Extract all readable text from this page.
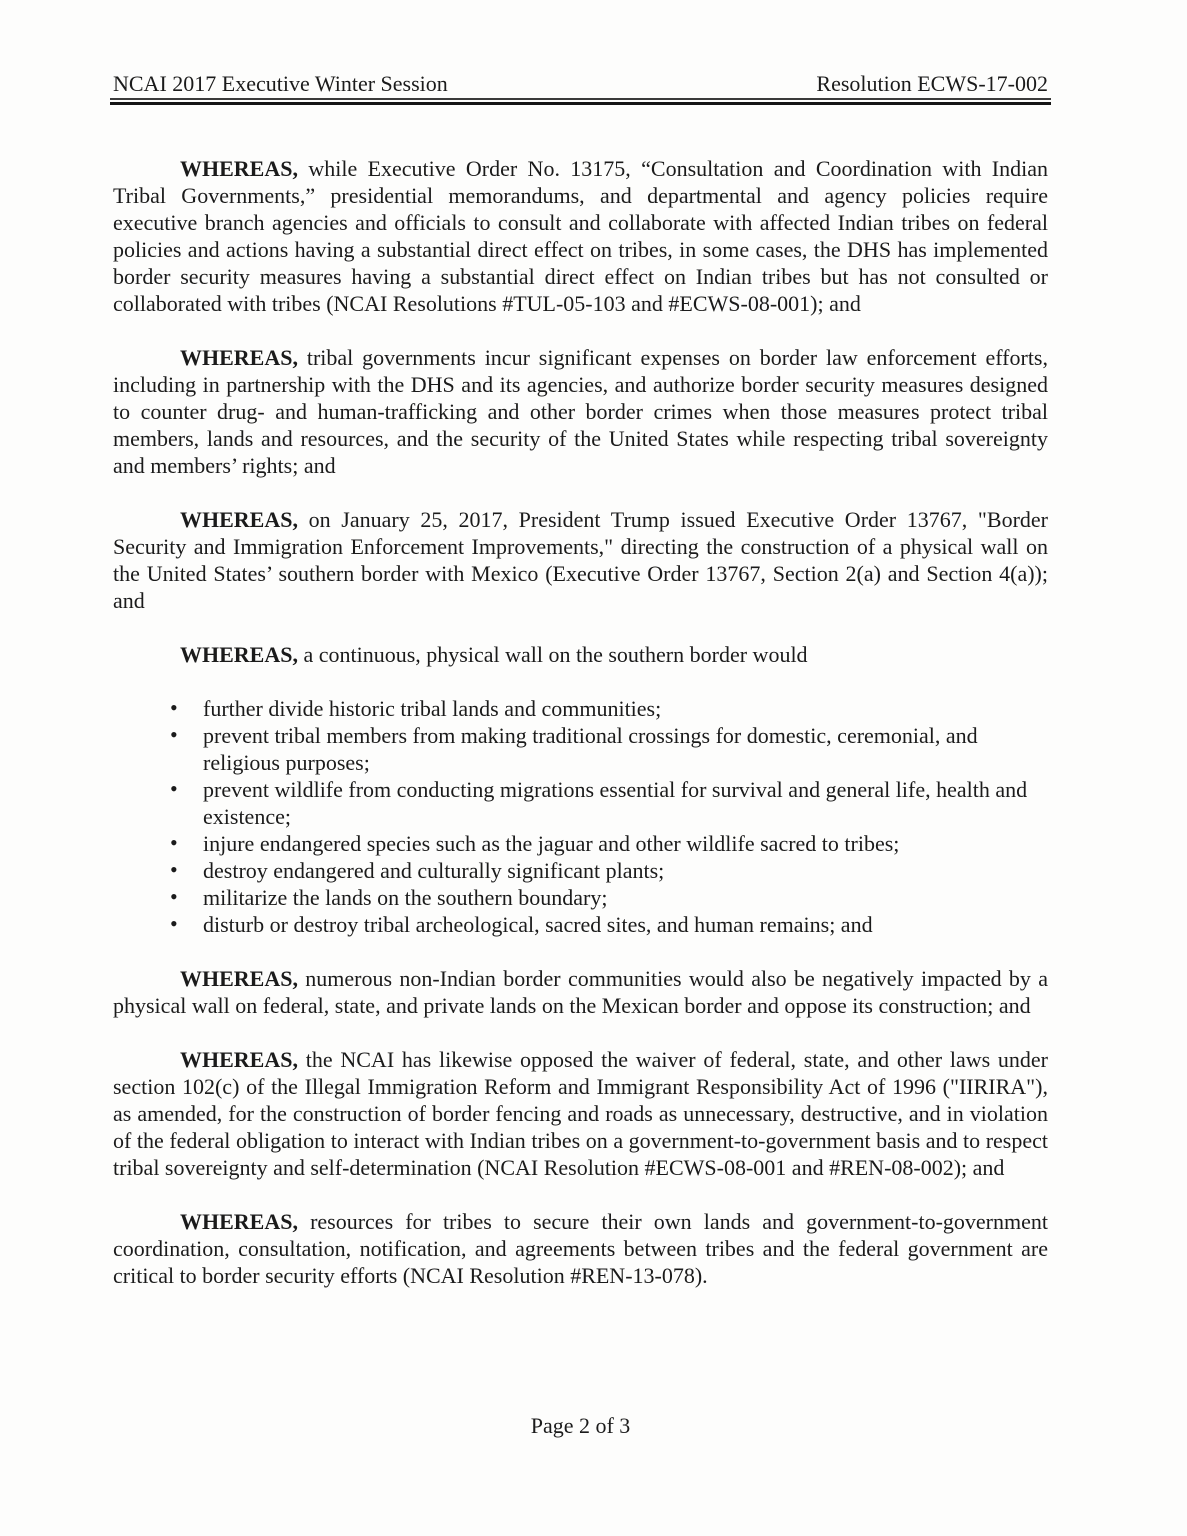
NCAI 2017 Executive Winter Session	Resolution ECWS-17-002

WHEREAS, while Executive Order No. 13175, “Consultation and Coordination with Indian Tribal Governments,” presidential memorandums, and departmental and agency policies require executive branch agencies and officials to consult and collaborate with affected Indian tribes on federal policies and actions having a substantial direct effect on tribes, in some cases, the DHS has implemented border security measures having a substantial direct effect on Indian tribes but has not consulted or collaborated with tribes (NCAI Resolutions #TUL-05-103 and #ECWS-08-001); and

WHEREAS, tribal governments incur significant expenses on border law enforcement efforts, including in partnership with the DHS and its agencies, and authorize border security measures designed to counter drug- and human-trafficking and other border crimes when those measures protect tribal members, lands and resources, and the security of the United States while respecting tribal sovereignty and members’ rights; and

WHEREAS, on January 25, 2017, President Trump issued Executive Order 13767, "Border Security and Immigration Enforcement Improvements," directing the construction of a physical wall on the United States’ southern border with Mexico (Executive Order 13767, Section 2(a) and Section 4(a)); and

WHEREAS, a continuous, physical wall on the southern border would

• further divide historic tribal lands and communities;
• prevent tribal members from making traditional crossings for domestic, ceremonial, and religious purposes;
• prevent wildlife from conducting migrations essential for survival and general life, health and existence;
• injure endangered species such as the jaguar and other wildlife sacred to tribes;
• destroy endangered and culturally significant plants;
• militarize the lands on the southern boundary;
• disturb or destroy tribal archeological, sacred sites, and human remains; and

WHEREAS, numerous non-Indian border communities would also be negatively impacted by a physical wall on federal, state, and private lands on the Mexican border and oppose its construction; and

WHEREAS, the NCAI has likewise opposed the waiver of federal, state, and other laws under section 102(c) of the Illegal Immigration Reform and Immigrant Responsibility Act of 1996 ("IIRIRA"), as amended, for the construction of border fencing and roads as unnecessary, destructive, and in violation of the federal obligation to interact with Indian tribes on a government-to-government basis and to respect tribal sovereignty and self-determination (NCAI Resolution #ECWS-08-001 and #REN-08-002); and

WHEREAS, resources for tribes to secure their own lands and government-to-government coordination, consultation, notification, and agreements between tribes and the federal government are critical to border security efforts (NCAI Resolution #REN-13-078).

Page 2 of 3
